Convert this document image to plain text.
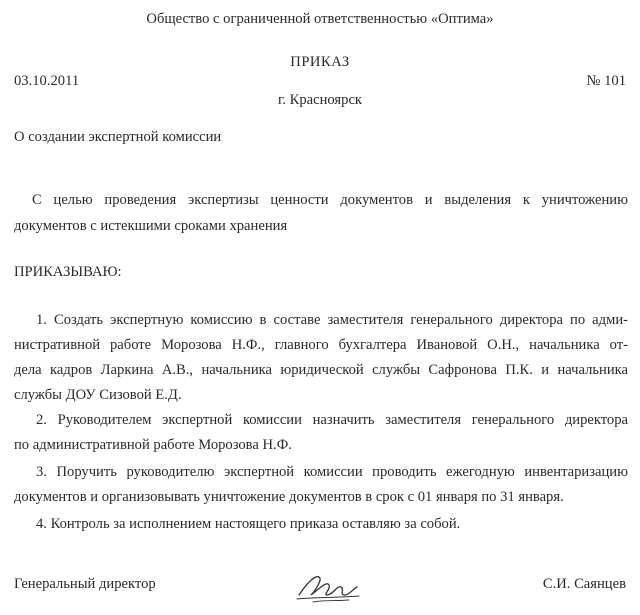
Общество с ограниченной ответственностью «Оптима»
ПРИКАЗ
03.10.2011	№ 101
г. Красноярск
О создании экспертной комиссии
С целью проведения экспертизы ценности документов и выделения к уничтожению
документов с истекшими сроками хранения
ПРИКАЗЫВАЮ:
1. Создать экспертную комиссию в составе заместителя генерального директора по адми-
нистративной работе Морозова Н.Ф., главного бухгалтера Ивановой О.Н., начальника от-
дела кадров Ларкина А.В., начальника юридической службы Сафронова П.К. и начальника
службы ДОУ Сизовой Е.Д.
2. Руководителем экспертной комиссии назначить заместителя генерального директора
по административной работе Морозова Н.Ф.
3. Поручить руководителю экспертной комиссии проводить ежегодную инвентаризацию
документов и организовывать уничтожение документов в срок с 01 января по 31 января.
4. Контроль за исполнением настоящего приказа оставляю за собой.
Генеральный директор	С.И. Саянцев
